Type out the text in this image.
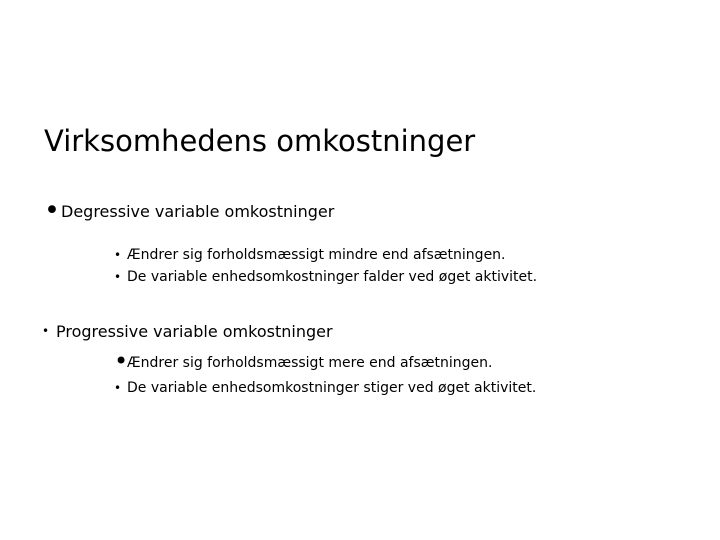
Virksomhedens omkostninger
•Degressive variable omkostninger
• Ændrer sig forholdsmæssigt mindre end afsætningen.
• De variable enhedsomkostninger falder ved øget aktivitet.
• Progressive variable omkostninger
•Ændrer sig forholdsmæssigt mere end afsætningen.
• De variable enhedsomkostninger stiger ved øget aktivitet.
